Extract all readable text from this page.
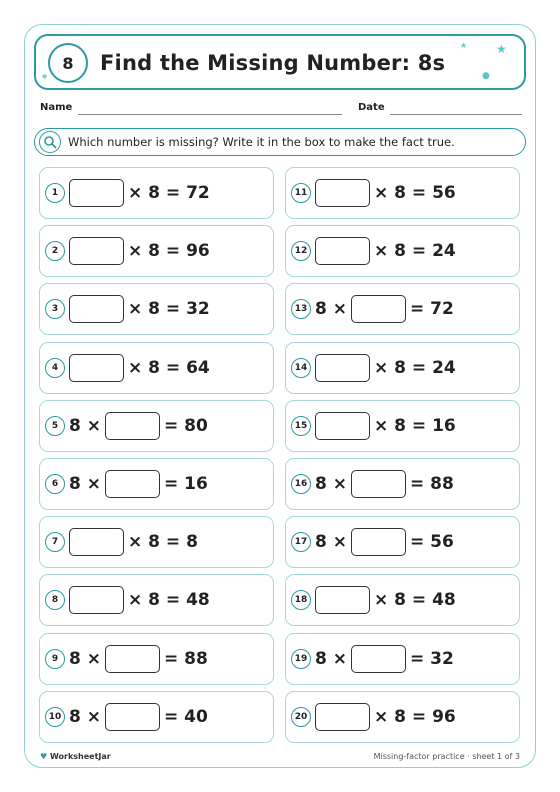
8	Find the Missing Number: 8s
★ ★
●
●
Name	Date
Which number is missing? Write it in the box to make the fact true.
1	× 8 = 72
2	× 8 = 96
3	× 8 = 32
4	× 8 = 64
5 8 ×	= 80
6 8 ×	= 16
7	× 8 = 8
8	× 8 = 48
9 8 ×	= 88
10 8 ×	= 40
11	× 8 = 56
12	× 8 = 24
13 8 ×	= 72
14	× 8 = 24
15	× 8 = 16
16 8 ×	= 88
17 8 ×	= 56
18	× 8 = 48
19 8 ×	= 32
20	× 8 = 96
♥ WorksheetJar	Missing-factor practice · sheet 1 of 3
